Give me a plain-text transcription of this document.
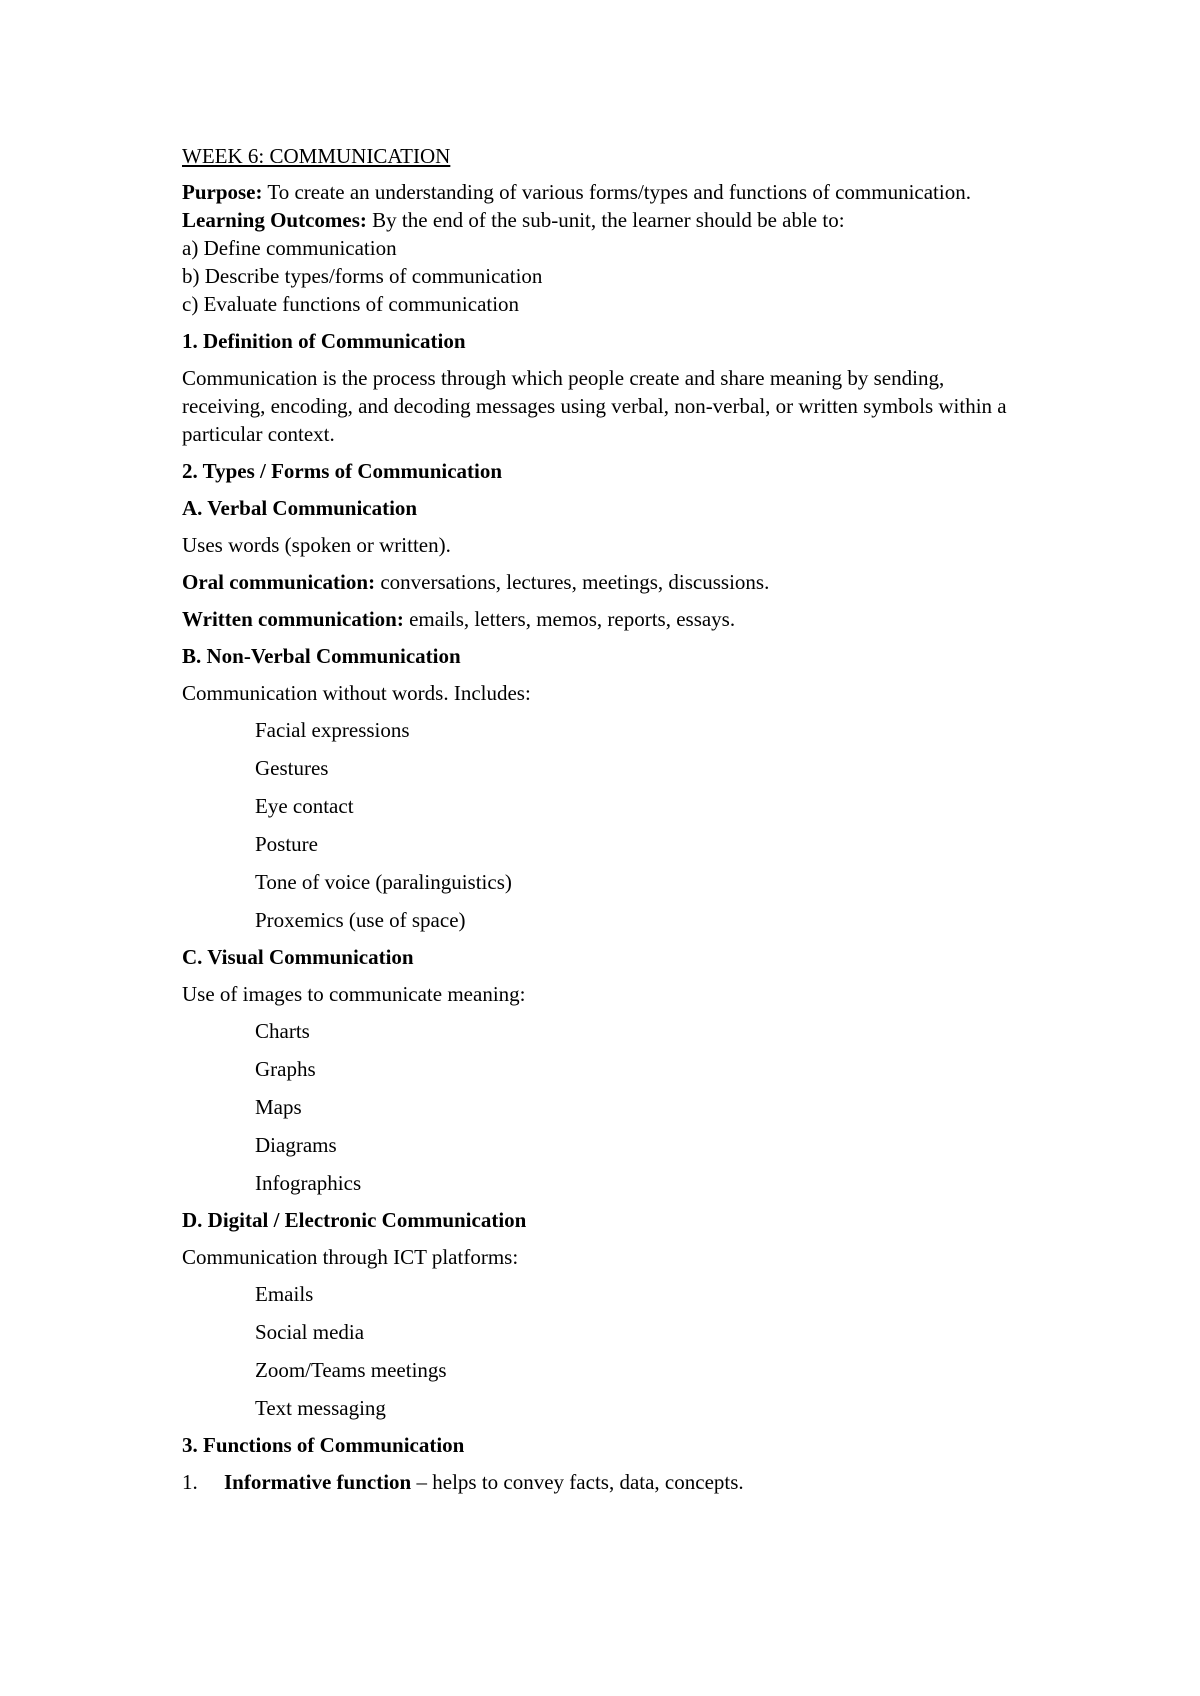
WEEK 6: COMMUNICATION
Purpose: To create an understanding of various forms/types and functions of communication.
Learning Outcomes: By the end of the sub-unit, the learner should be able to:
a) Define communication
b) Describe types/forms of communication
c) Evaluate functions of communication
1. Definition of Communication
Communication is the process through which people create and share meaning by sending, receiving, encoding, and decoding messages using verbal, non-verbal, or written symbols within a particular context.
2. Types / Forms of Communication
A. Verbal Communication
Uses words (spoken or written).
Oral communication: conversations, lectures, meetings, discussions.
Written communication: emails, letters, memos, reports, essays.
B. Non-Verbal Communication
Communication without words. Includes:
Facial expressions
Gestures
Eye contact
Posture
Tone of voice (paralinguistics)
Proxemics (use of space)
C. Visual Communication
Use of images to communicate meaning:
Charts
Graphs
Maps
Diagrams
Infographics
D. Digital / Electronic Communication
Communication through ICT platforms:
Emails
Social media
Zoom/Teams meetings
Text messaging
3. Functions of Communication
1.	Informative function – helps to convey facts, data, concepts.
